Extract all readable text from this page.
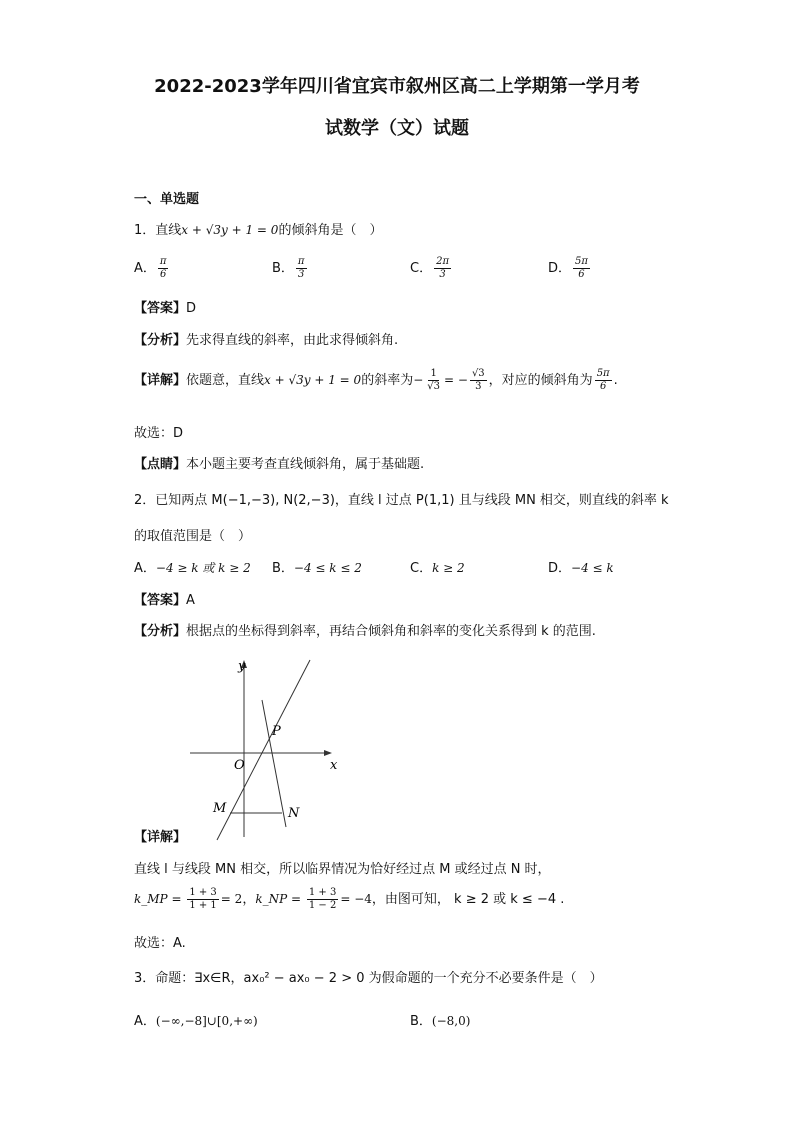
2022-2023学年四川省宜宾市叙州区高二上学期第一学月考
试数学（文）试题
一、单选题
1．直线x + √3y + 1 = 0的倾斜角是（　）
A． $\frac{\pi}{6}$	B． $\frac{\pi}{3}$	C． $\frac{2\pi}{3}$	D． $\frac{5\pi}{6}$
【答案】D
【分析】先求得直线的斜率，由此求得倾斜角.
【详解】依题意，直线x + √3y + 1 = 0的斜率为− $\frac{1}{√3}$ = − $\frac{√3}{3}$ ，对应的倾斜角为 $\frac{5\pi}{6}$ .
故选：D
【点睛】本小题主要考查直线倾斜角，属于基础题.
2．已知两点 M(−1,−3), N(2,−3)，直线 l 过点 P(1,1) 且与线段 MN 相交，则直线的斜率 k
的取值范围是（　）
A．−4 ≥ k 或 k ≥ 2 B．−4 ≤ k ≤ 2	C．k ≥ 2	D．−4 ≤ k
【答案】A
【分析】根据点的坐标得到斜率，再结合倾斜角和斜率的变化关系得到 k 的范围.
y
x
O
P
M	N
【详解】
直线 l 与线段 MN 相交，所以临界情况为恰好经过点 M 或经过点 N 时，
k_MP = $\frac{1 + 3}{1 + 1} = 2$，k_NP = $\frac{1 + 3}{1 - 2} = -4$，由图可知， k ≥ 2 或 k ≤ −4 .
故选：A.
3．命题：∃x∈R，ax₀² − ax₀ − 2 > 0 为假命题的一个充分不必要条件是（　）
A．(−∞,−8]∪[0,+∞)	B．(−8,0)
